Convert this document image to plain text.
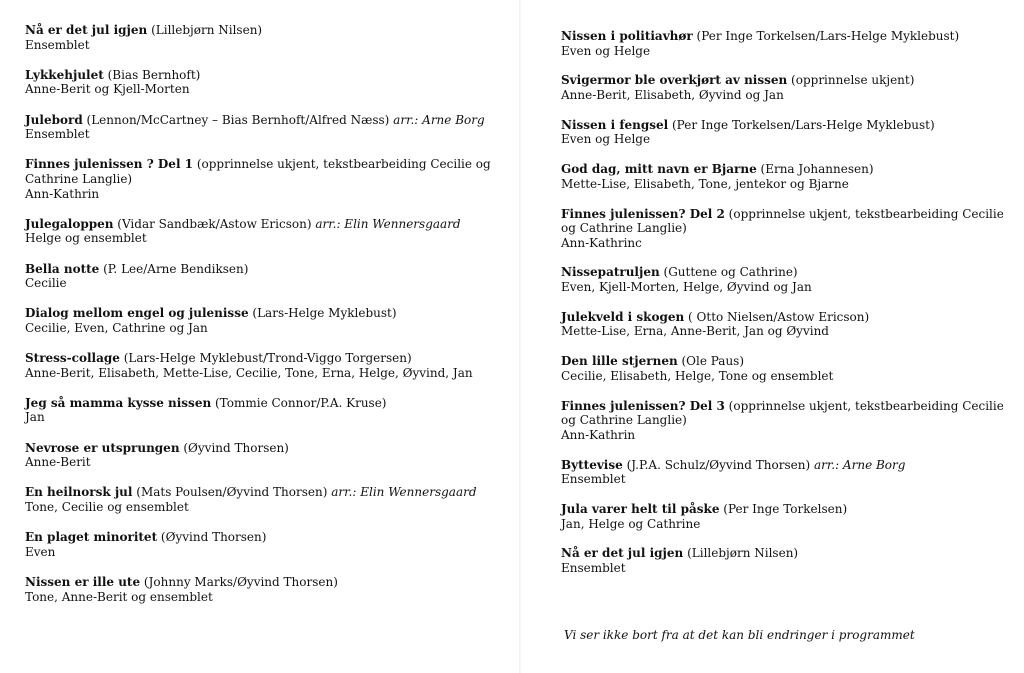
Nå er det jul igjen (Lillebjørn Nilsen)
Ensemblet
Lykkehjulet (Bias Bernhoft)
Anne-Berit og Kjell-Morten
Julebord (Lennon/McCartney – Bias Bernhoft/Alfred Næss) arr.: Arne Borg
Ensemblet
Finnes julenissen ? Del 1 (opprinnelse ukjent, tekstbearbeiding Cecilie og Cathrine Langlie)
Ann-Kathrin
Julegaloppen (Vidar Sandbæk/Astow Ericson) arr.: Elin Wennersgaard
Helge og ensemblet
Bella notte (P. Lee/Arne Bendiksen)
Cecilie
Dialog mellom engel og julenisse (Lars-Helge Myklebust)
Cecilie, Even, Cathrine og Jan
Stress-collage (Lars-Helge Myklebust/Trond-Viggo Torgersen)
Anne-Berit, Elisabeth, Mette-Lise, Cecilie, Tone, Erna, Helge, Øyvind, Jan
Jeg så mamma kysse nissen (Tommie Connor/P.A. Kruse)
Jan
Nevrose er utsprungen (Øyvind Thorsen)
Anne-Berit
En heilnorsk jul (Mats Poulsen/Øyvind Thorsen) arr.: Elin Wennersgaard
Tone, Cecilie og ensemblet
En plaget minoritet (Øyvind Thorsen)
Even
Nissen er ille ute (Johnny Marks/Øyvind Thorsen)
Tone, Anne-Berit og ensemblet
Nissen i politiavhør (Per Inge Torkelsen/Lars-Helge Myklebust)
Even og Helge
Svigermor ble overkjørt av nissen (opprinnelse ukjent)
Anne-Berit, Elisabeth, Øyvind og Jan
Nissen i fengsel (Per Inge Torkelsen/Lars-Helge Myklebust)
Even og Helge
God dag, mitt navn er Bjarne (Erna Johannesen)
Mette-Lise, Elisabeth, Tone, jentekor og Bjarne
Finnes julenissen? Del 2 (opprinnelse ukjent, tekstbearbeiding Cecilie og Cathrine Langlie)
Ann-Kathrinc
Nissepatruljen (Guttene og Cathrine)
Even, Kjell-Morten, Helge, Øyvind og Jan
Julekveld i skogen ( Otto Nielsen/Astow Ericson)
Mette-Lise, Erna, Anne-Berit, Jan og Øyvind
Den lille stjernen (Ole Paus)
Cecilie, Elisabeth, Helge, Tone og ensemblet
Finnes julenissen? Del 3 (opprinnelse ukjent, tekstbearbeiding Cecilie og Cathrine Langlie)
Ann-Kathrin
Byttevise (J.P.A. Schulz/Øyvind Thorsen) arr.: Arne Borg
Ensemblet
Jula varer helt til påske (Per Inge Torkelsen)
Jan, Helge og Cathrine
Nå er det jul igjen (Lillebjørn Nilsen)
Ensemblet
Vi ser ikke bort fra at det kan bli endringer i programmet
